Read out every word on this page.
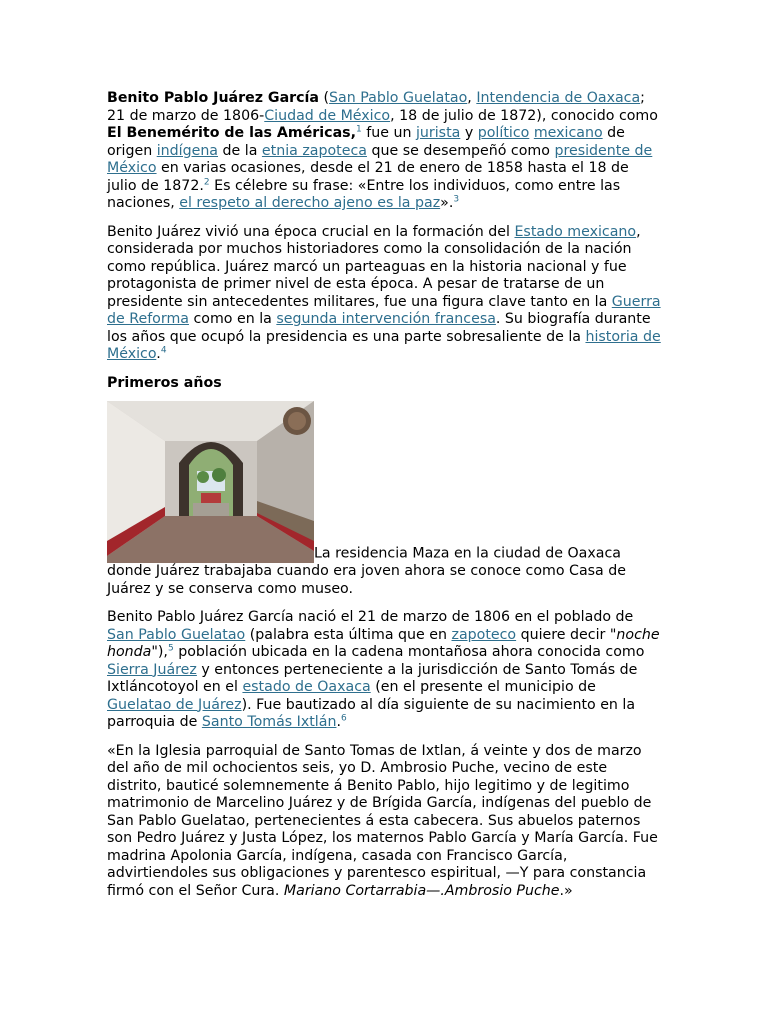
Benito Pablo Juárez García (San Pablo Guelatao, Intendencia de Oaxaca; 21 de marzo de 1806-Ciudad de México, 18 de julio de 1872), conocido como El Benemérito de las Américas,$^1$ fue un jurista y político mexicano de origen indígena de la etnia zapoteca que se desempeñó como presidente de México en varias ocasiones, desde el 21 de enero de 1858 hasta el 18 de julio de 1872.$^2$ Es célebre su frase: «Entre los individuos, como entre las naciones, el respeto al derecho ajeno es la paz».$^3$

Benito Juárez vivió una época crucial en la formación del Estado mexicano, considerada por muchos historiadores como la consolidación de la nación como república. Juárez marcó un parteaguas en la historia nacional y fue protagonista de primer nivel de esta época. A pesar de tratarse de un presidente sin antecedentes militares, fue una figura clave tanto en la Guerra de Reforma como en la segunda intervención francesa. Su biografía durante los años que ocupó la presidencia es una parte sobresaliente de la historia de México.$^4$

Primeros años
La residencia Maza en la ciudad de Oaxaca donde Juárez trabajaba cuando era joven ahora se conoce como Casa de Juárez y se conserva como museo.

Benito Pablo Juárez García nació el 21 de marzo de 1806 en el poblado de San Pablo Guelatao (palabra esta última que en zapoteco quiere decir "noche honda"),$^5$ población ubicada en la cadena montañosa ahora conocida como Sierra Juárez y entonces perteneciente a la jurisdicción de Santo Tomás de Ixtláncotoyol en el estado de Oaxaca (en el presente el municipio de Guelatao de Juárez). Fue bautizado al día siguiente de su nacimiento en la parroquia de Santo Tomás Ixtlán.$^6$

«En la Iglesia parroquial de Santo Tomas de Ixtlan, á veinte y dos de marzo del año de mil ochocientos seis, yo D. Ambrosio Puche, vecino de este distrito, bauticé solemnemente á Benito Pablo, hijo legitimo y de legitimo matrimonio de Marcelino Juárez y de Brígida García, indígenas del pueblo de San Pablo Guelatao, pertenecientes á esta cabecera. Sus abuelos paternos son Pedro Juárez y Justa López, los maternos Pablo García y María García. Fue madrina Apolonia García, indígena, casada con Francisco García, advirtiendoles sus obligaciones y parentesco espiritual, —Y para constancia firmó con el Señor Cura. Mariano Cortarrabia—.Ambrosio Puche.»
